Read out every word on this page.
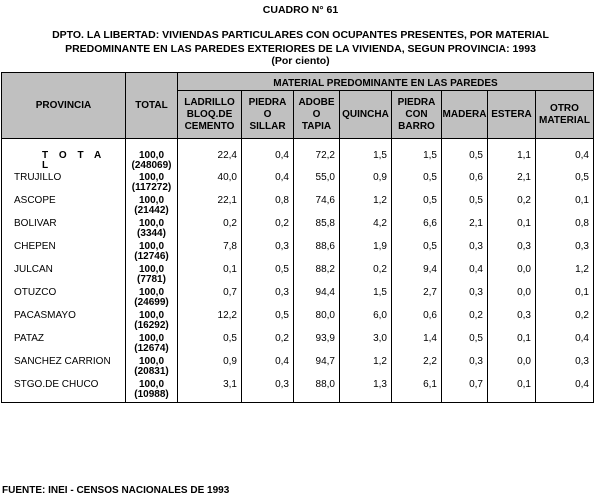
CUADRO N° 61
DPTO. LA LIBERTAD: VIVIENDAS PARTICULARES CON OCUPANTES PRESENTES, POR MATERIAL
PREDOMINANTE EN LAS PAREDES EXTERIORES DE LA VIVIENDA, SEGUN PROVINCIA: 1993
(Por ciento)
PROVINCIA	TOTAL	MATERIAL PREDOMINANTE EN LAS PAREDES							
		LADRILLO
BLOQ.DE
CEMENTO	PIEDRA
O
SILLAR	ADOBE
O
TAPIA	QUINCHA	PIEDRA
CON
BARRO	MADERA	ESTERA	OTRO
MATERIAL
T O T A L	100,0
(248069)	22,4	0,4	72,2	1,5	1,5	0,5	1,1	0,4
TRUJILLO	100,0
(117272)	40,0	0,4	55,0	0,9	0,5	0,6	2,1	0,5
ASCOPE	100,0
(21442)	22,1	0,8	74,6	1,2	0,5	0,5	0,2	0,1
BOLIVAR	100,0
(3344)	0,2	0,2	85,8	4,2	6,6	2,1	0,1	0,8
CHEPEN	100,0
(12746)	7,8	0,3	88,6	1,9	0,5	0,3	0,3	0,3
JULCAN	100,0
(7781)	0,1	0,5	88,2	0,2	9,4	0,4	0,0	1,2
OTUZCO	100,0
(24699)	0,7	0,3	94,4	1,5	2,7	0,3	0,0	0,1
PACASMAYO	100,0
(16292)	12,2	0,5	80,0	6,0	0,6	0,2	0,3	0,2
PATAZ	100,0
(12674)	0,5	0,2	93,9	3,0	1,4	0,5	0,1	0,4
SANCHEZ CARRION	100,0
(20831)	0,9	0,4	94,7	1,2	2,2	0,3	0,0	0,3
STGO.DE CHUCO	100,0
(10988)	3,1	0,3	88,0	1,3	6,1	0,7	0,1	0,4
FUENTE: INEI - CENSOS NACIONALES DE 1993
